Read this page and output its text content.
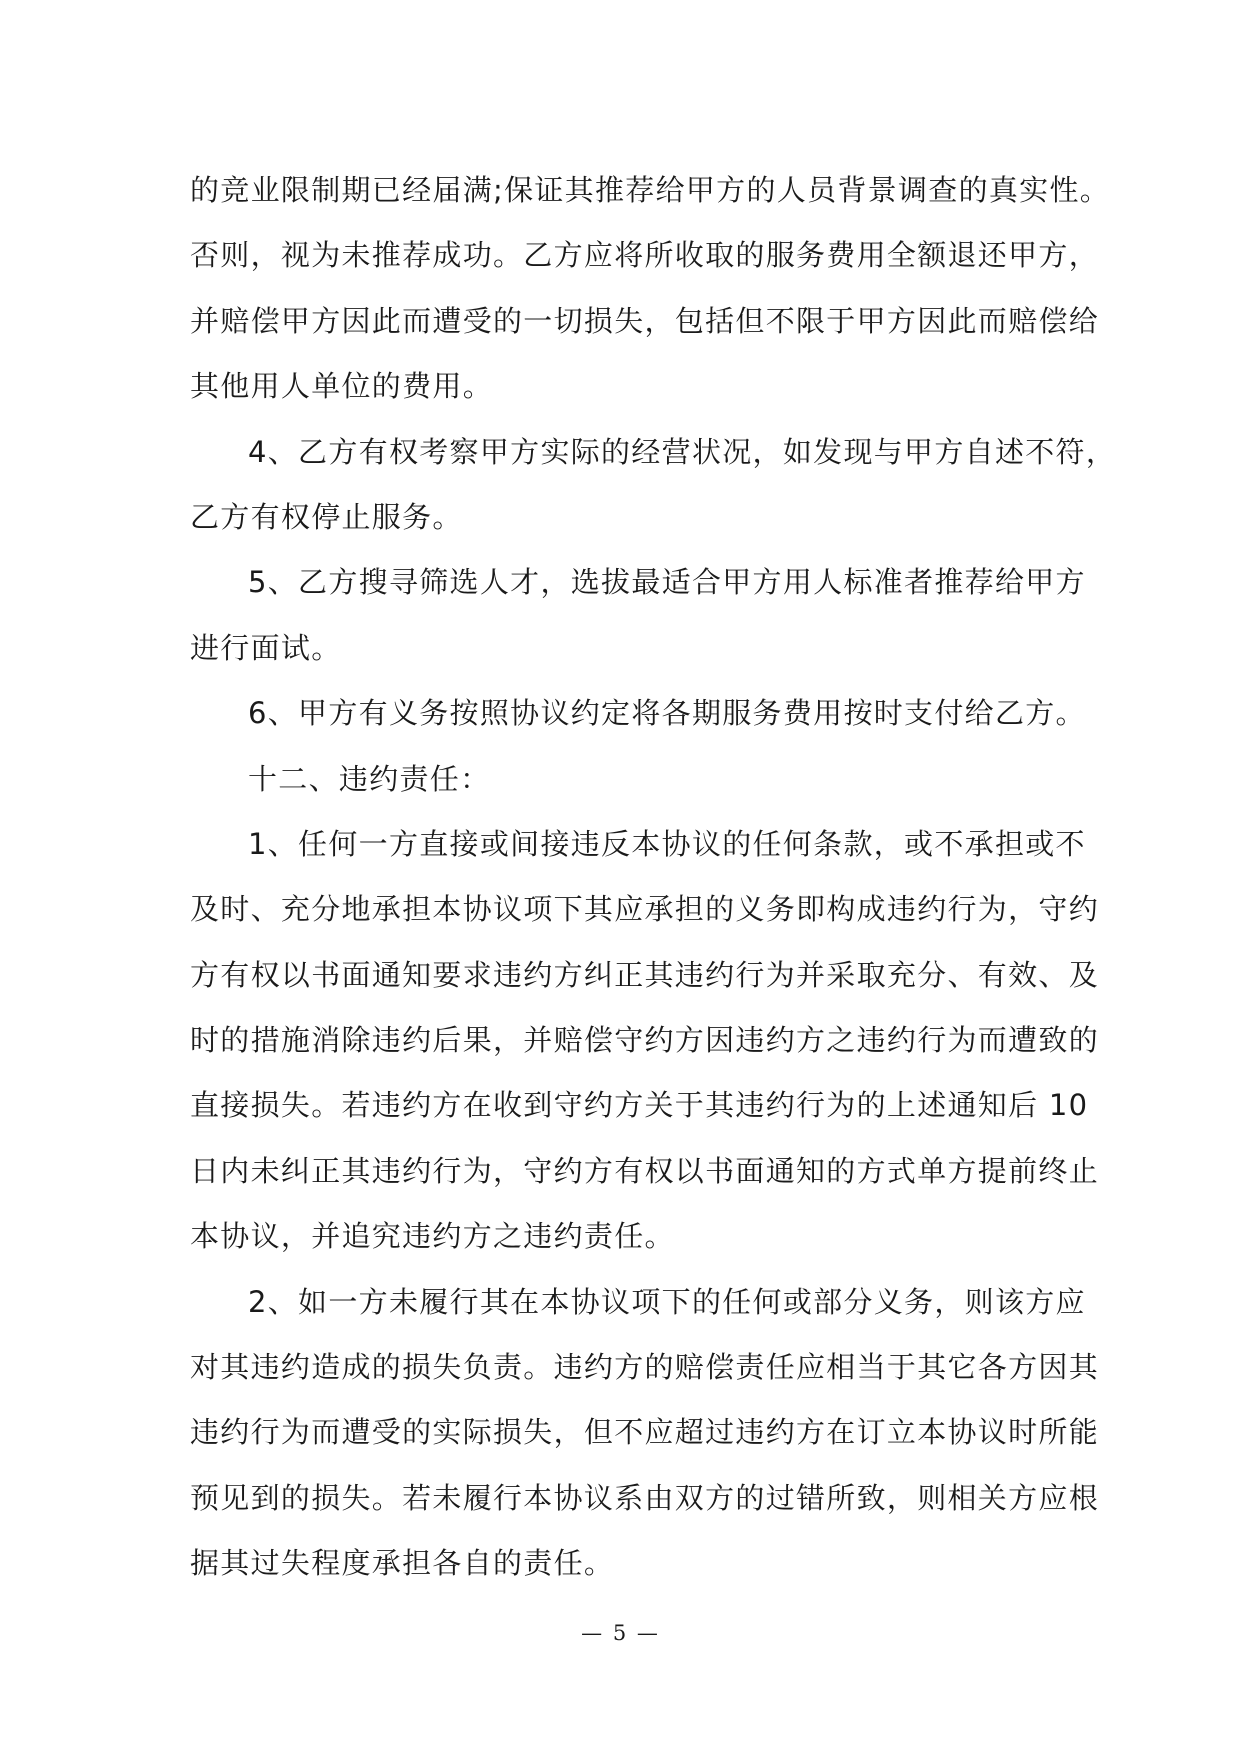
的竞业限制期已经届满;保证其推荐给甲方的人员背景调查的真实性。
否则，视为未推荐成功。乙方应将所收取的服务费用全额退还甲方，
并赔偿甲方因此而遭受的一切损失，包括但不限于甲方因此而赔偿给
其他用人单位的费用。
4、乙方有权考察甲方实际的经营状况，如发现与甲方自述不符，
乙方有权停止服务。
5、乙方搜寻筛选人才，选拔最适合甲方用人标准者推荐给甲方
进行面试。
6、甲方有义务按照协议约定将各期服务费用按时支付给乙方。
十二、违约责任：
1、任何一方直接或间接违反本协议的任何条款，或不承担或不
及时、充分地承担本协议项下其应承担的义务即构成违约行为，守约
方有权以书面通知要求违约方纠正其违约行为并采取充分、有效、及
时的措施消除违约后果，并赔偿守约方因违约方之违约行为而遭致的
直接损失。若违约方在收到守约方关于其违约行为的上述通知后 10
日内未纠正其违约行为，守约方有权以书面通知的方式单方提前终止
本协议，并追究违约方之违约责任。
2、如一方未履行其在本协议项下的任何或部分义务，则该方应
对其违约造成的损失负责。违约方的赔偿责任应相当于其它各方因其
违约行为而遭受的实际损失，但不应超过违约方在订立本协议时所能
预见到的损失。若未履行本协议系由双方的过错所致，则相关方应根
据其过失程度承担各自的责任。
— 5 —
